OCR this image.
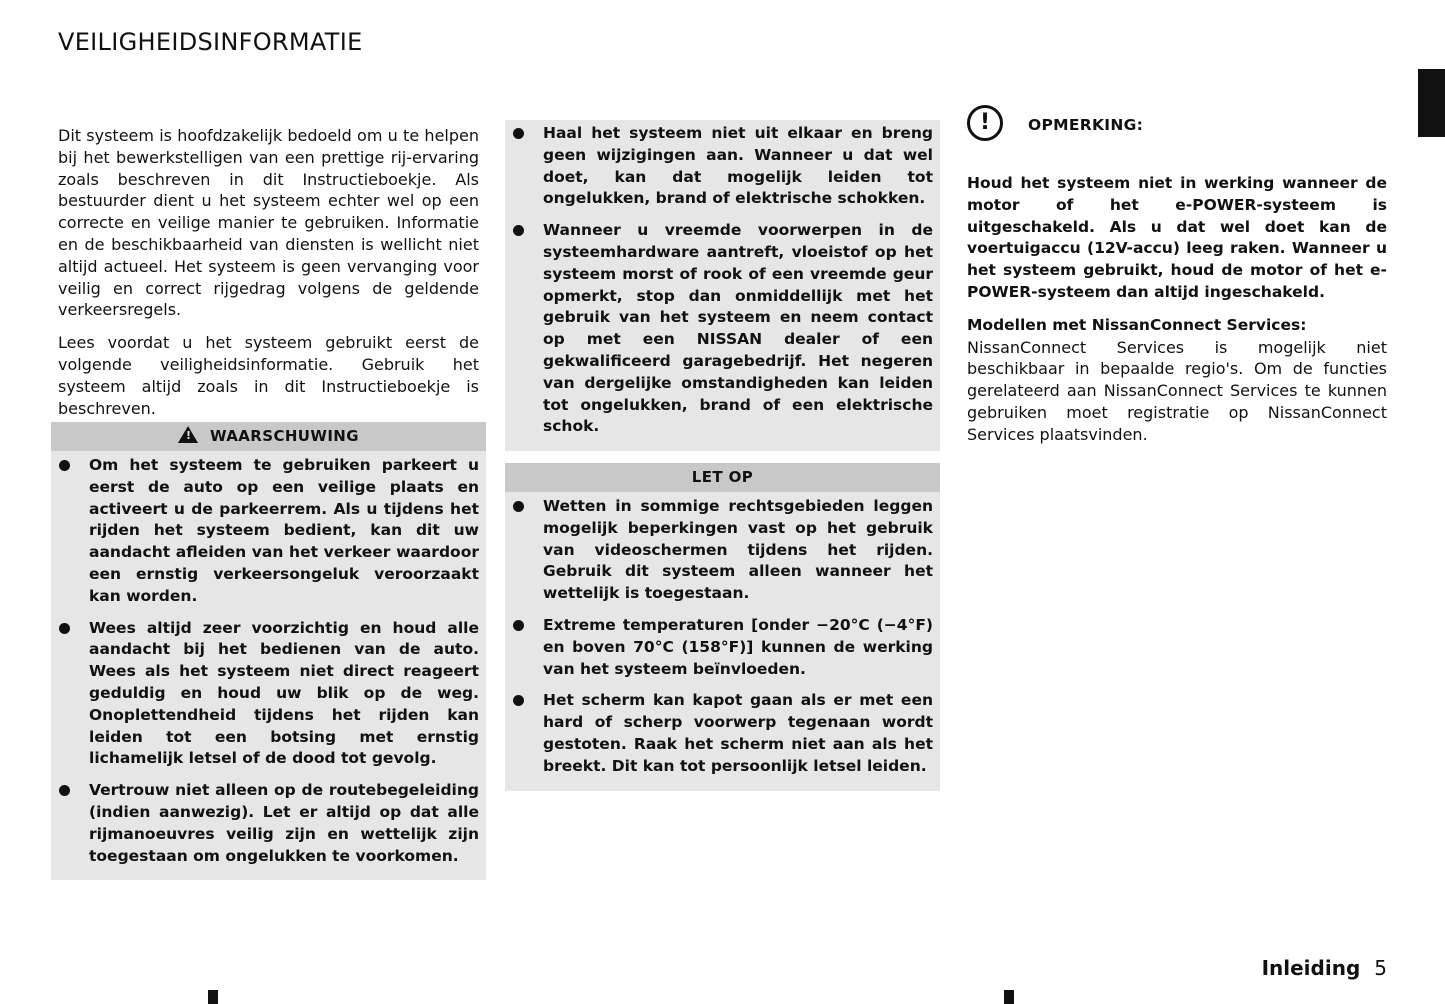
VEILIGHEIDSINFORMATIE

Dit systeem is hoofdzakelijk bedoeld om u te helpen bij het bewerkstelligen van een prettige rij-ervaring zoals beschreven in dit Instructieboekje. Als bestuurder dient u het systeem echter wel op een correcte en veilige manier te gebruiken. Informatie en de beschikbaarheid van diensten is wellicht niet altijd actueel. Het systeem is geen vervanging voor veilig en correct rijgedrag volgens de geldende verkeersregels.

Lees voordat u het systeem gebruikt eerst de volgende veiligheidsinformatie. Gebruik het systeem altijd zoals in dit Instructieboekje is beschreven.

!WAARSCHUWING
Om het systeem te gebruiken parkeert u eerst de auto op een veilige plaats en activeert u de parkeerrem. Als u tijdens het rijden het systeem bedient, kan dit uw aandacht afleiden van het verkeer waardoor een ernstig verkeersongeluk veroorzaakt kan worden.
Wees altijd zeer voorzichtig en houd alle aandacht bij het bedienen van de auto. Wees als het systeem niet direct reageert geduldig en houd uw blik op de weg. Onoplettendheid tijdens het rijden kan leiden tot een botsing met ernstig lichamelijk letsel of de dood tot gevolg.
Vertrouw niet alleen op de routebegeleiding (indien aanwezig). Let er altijd op dat alle rijmanoeuvres veilig zijn en wettelijk zijn toegestaan om ongelukken te voorkomen.
Haal het systeem niet uit elkaar en breng geen wijzigingen aan. Wanneer u dat wel doet, kan dat mogelijk leiden tot ongelukken, brand of elektrische schokken.
Wanneer u vreemde voorwerpen in de systeemhardware aantreft, vloeistof op het systeem morst of rook of een vreemde geur opmerkt, stop dan onmiddellijk met het gebruik van het systeem en neem contact op met een NISSAN dealer of een gekwalificeerd garagebedrijf. Het negeren van dergelijke omstandigheden kan leiden tot ongelukken, brand of een elektrische schok.
LET OP
Wetten in sommige rechtsgebieden leggen mogelijk beperkingen vast op het gebruik van videoschermen tijdens het rijden. Gebruik dit systeem alleen wanneer het wettelijk is toegestaan.
Extreme temperaturen [onder −20°C (−4°F) en boven 70°C (158°F)] kunnen de werking van het systeem beïnvloeden.
Het scherm kan kapot gaan als er met een hard of scherp voorwerp tegenaan wordt gestoten. Raak het scherm niet aan als het breekt. Dit kan tot persoonlijk letsel leiden.
!	OPMERKING:

Houd het systeem niet in werking wanneer de motor of het e-POWER-systeem is uitgeschakeld. Als u dat wel doet kan de voertuigaccu (12V-accu) leeg raken. Wanneer u het systeem gebruikt, houd de motor of het e-POWER-systeem dan altijd ingeschakeld.

Modellen met NissanConnect Services:

NissanConnect Services is mogelijk niet beschikbaar in bepaalde regio's. Om de functies gerelateerd aan NissanConnect Services te kunnen gebruiken moet registratie op NissanConnect Services plaatsvinden.

Inleiding 5
